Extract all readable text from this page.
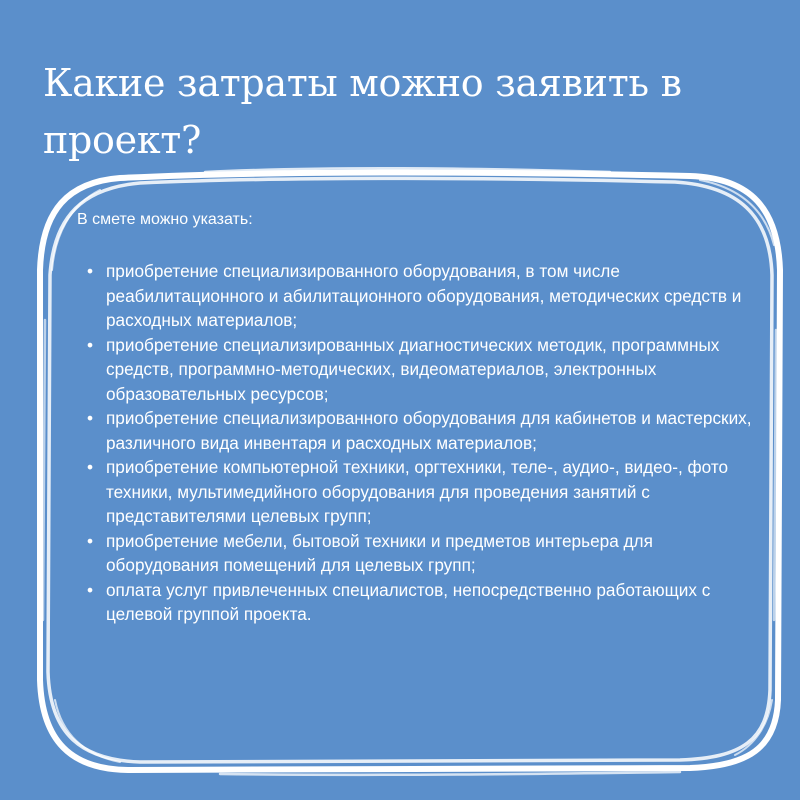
Какие затраты можно заявить в проект?

В смете можно указать:

• приобретение специализированного оборудования, в том числе реабилитационного и абилитационного оборудования, методических средств и расходных материалов;
• приобретение специализированных диагностических методик, программных средств, программно-методических, видеоматериалов, электронных образовательных ресурсов;
• приобретение специализированного оборудования для кабинетов и мастерских, различного вида инвентаря и расходных материалов;
• приобретение компьютерной техники, оргтехники, теле-, аудио-, видео-, фото техники, мультимедийного оборудования для проведения занятий с представителями целевых групп;
• приобретение мебели, бытовой техники и предметов интерьера для оборудования помещений для целевых групп;
• оплата услуг привлеченных специалистов, непосредственно работающих с целевой группой проекта.
